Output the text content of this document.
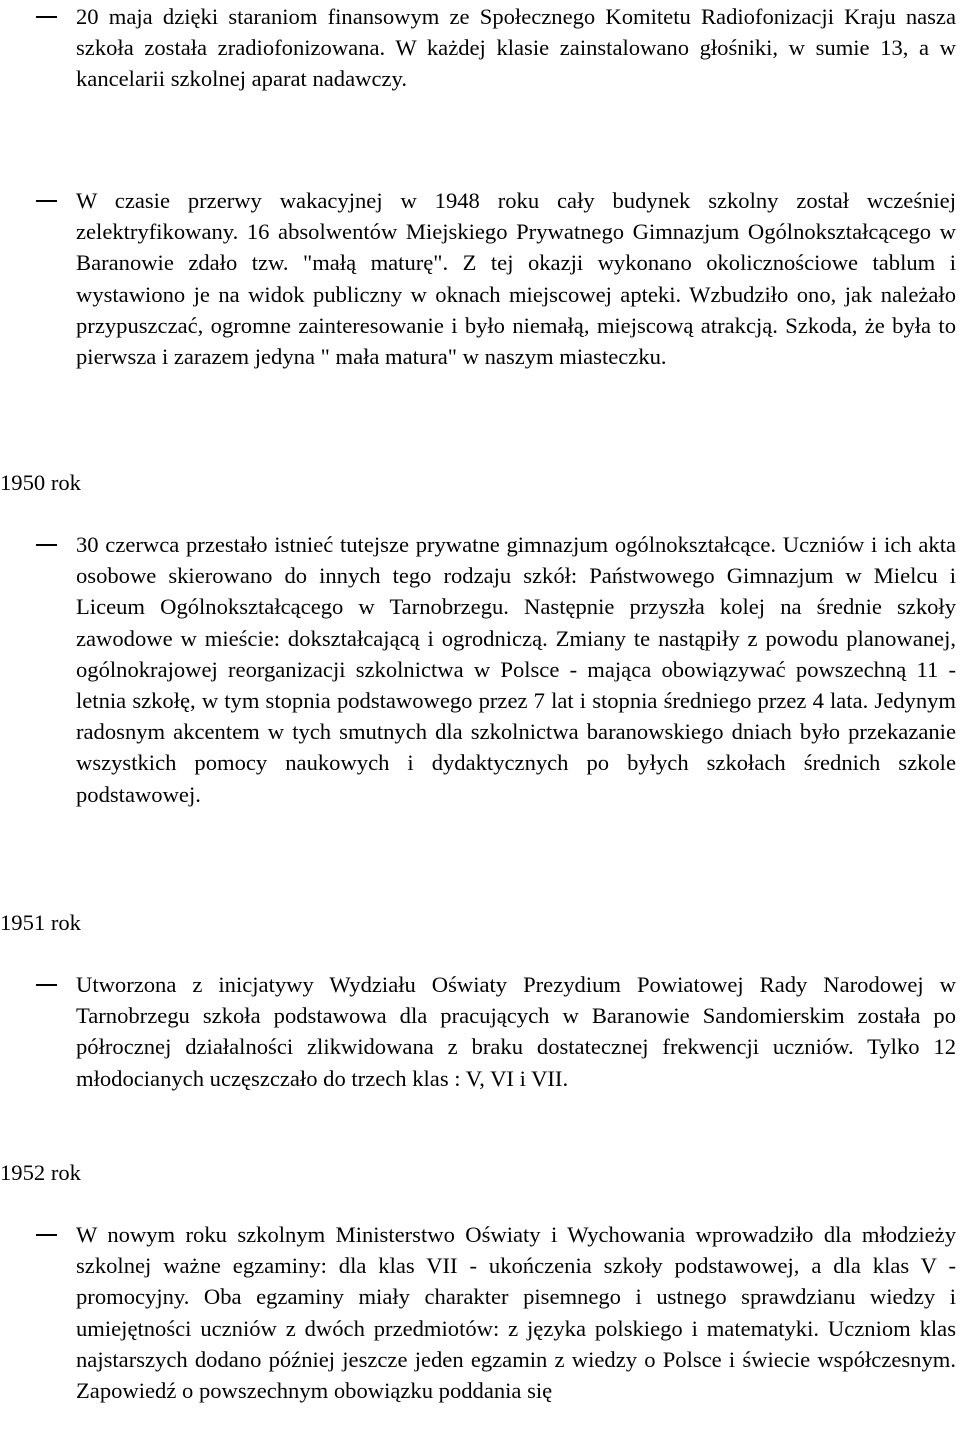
20 maja dzięki staraniom finansowym ze Społecznego Komitetu Radiofonizacji Kraju nasza szkoła została zradiofonizowana. W każdej klasie zainstalowano głośniki, w sumie 13, a w kancelarii szkolnej aparat nadawczy.
W czasie przerwy wakacyjnej w 1948 roku cały budynek szkolny został wcześniej zelektryfikowany. 16 absolwentów Miejskiego Prywatnego Gimnazjum Ogólnokształcącego w Baranowie zdało tzw. "małą maturę". Z tej okazji wykonano okolicznościowe tablum i wystawiono je na widok publiczny w oknach miejscowej apteki. Wzbudziło ono, jak należało przypuszczać, ogromne zainteresowanie i było niemałą, miejscową atrakcją. Szkoda, że była to pierwsza i zarazem jedyna " mała matura" w naszym miasteczku.
1950 rok
30 czerwca przestało istnieć tutejsze prywatne gimnazjum ogólnokształcące. Uczniów i ich akta osobowe skierowano do innych tego rodzaju szkół: Państwowego Gimnazjum w Mielcu i Liceum Ogólnokształcącego w Tarnobrzegu. Następnie przyszła kolej na średnie szkoły zawodowe w mieście: dokształcającą i ogrodniczą. Zmiany te nastąpiły z powodu planowanej, ogólnokrajowej reorganizacji szkolnictwa w Polsce - mająca obowiązywać powszechną 11 - letnia szkołę, w tym stopnia podstawowego przez 7 lat i stopnia średniego przez 4 lata. Jedynym radosnym akcentem w tych smutnych dla szkolnictwa baranowskiego dniach było przekazanie wszystkich pomocy naukowych i dydaktycznych po byłych szkołach średnich szkole podstawowej.
1951 rok
Utworzona z inicjatywy Wydziału Oświaty Prezydium Powiatowej Rady Narodowej w Tarnobrzegu szkoła podstawowa dla pracujących w Baranowie Sandomierskim została po półrocznej działalności zlikwidowana z braku dostatecznej frekwencji uczniów. Tylko 12 młodocianych uczęszczało do trzech klas : V, VI i VII.
1952 rok
W nowym roku szkolnym Ministerstwo Oświaty i Wychowania wprowadziło dla młodzieży szkolnej ważne egzaminy: dla klas VII - ukończenia szkoły podstawowej, a dla klas V - promocyjny. Oba egzaminy miały charakter pisemnego i ustnego sprawdzianu wiedzy i umiejętności uczniów z dwóch przedmiotów: z języka polskiego i matematyki. Uczniom klas najstarszych dodano później jeszcze jeden egzamin z wiedzy o Polsce i świecie współczesnym. Zapowiedź o powszechnym obowiązku poddania się
